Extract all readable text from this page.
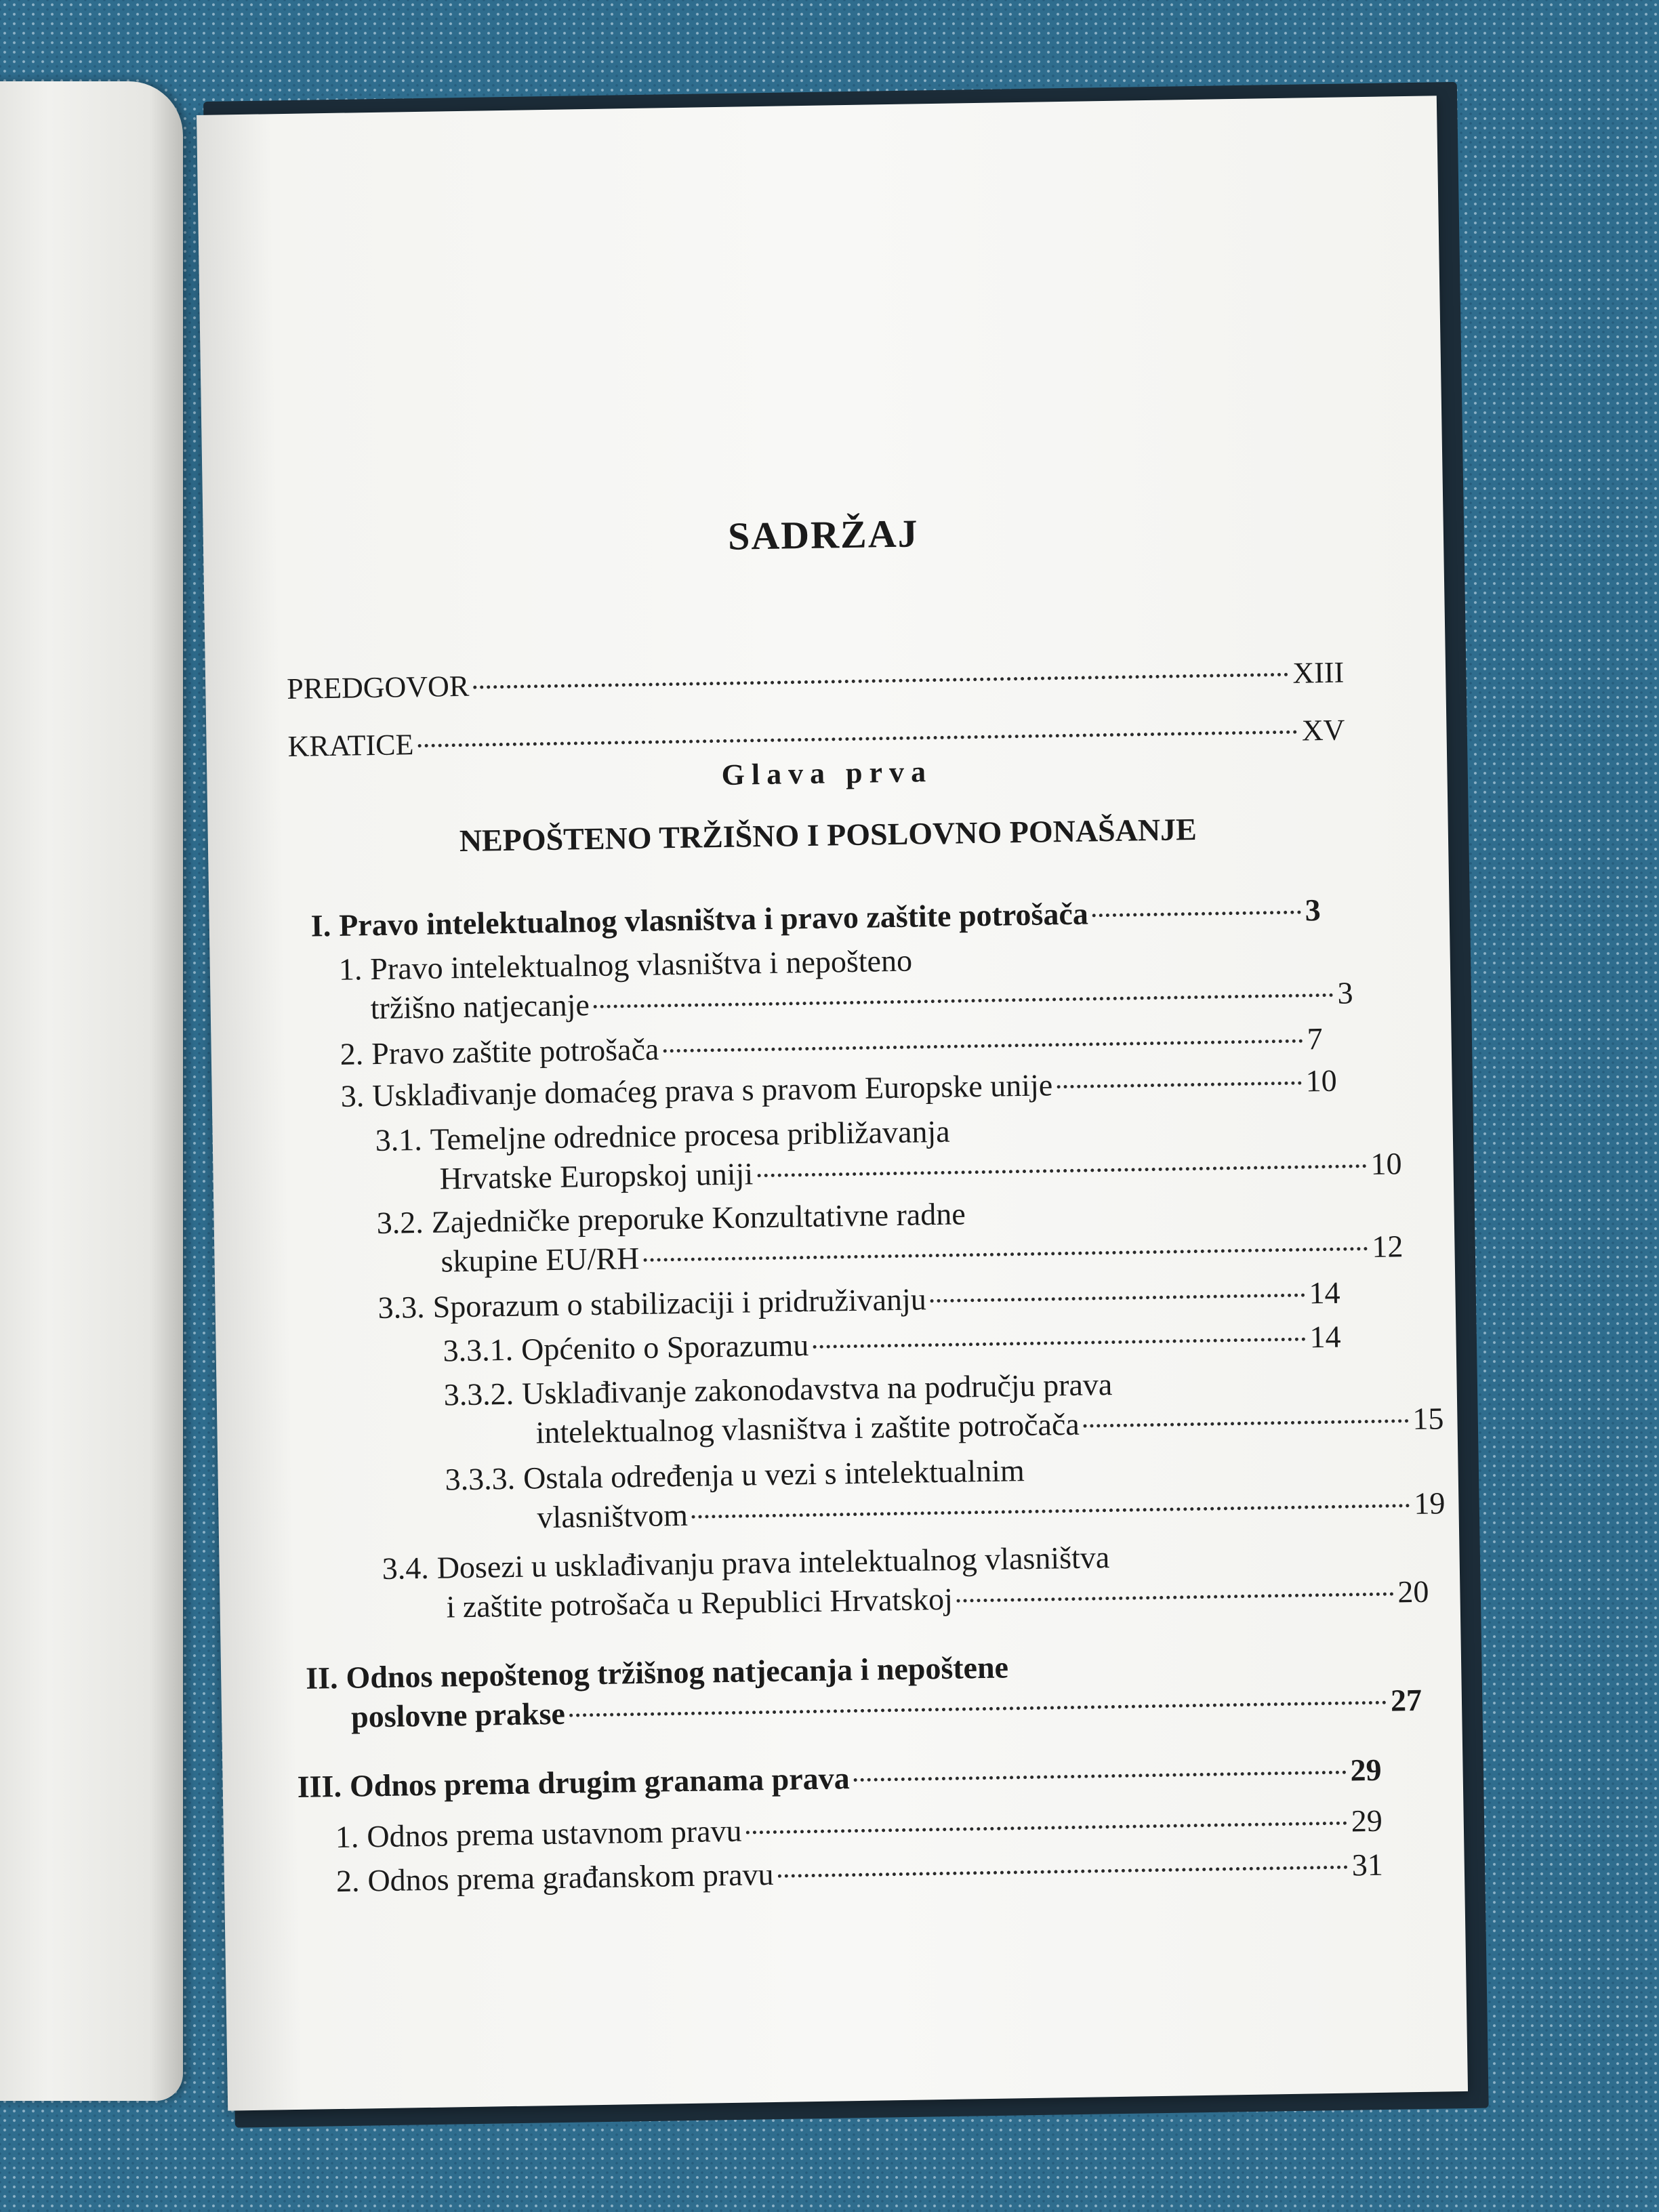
SADRŽAJ
PREDGOVOR	XIII
KRATICE	XV
Glava prva
NEPOŠTENO TRŽIŠNO I POSLOVNO PONAŠANJE
I. Pravo intelektualnog vlasništva i pravo zaštite potrošača	3
1. Pravo intelektualnog vlasništva i nepošteno
tržišno natjecanje	3
2. Pravo zaštite potrošača	7
3. Usklađivanje domaćeg prava s pravom Europske unije	10
3.1. Temeljne odrednice procesa približavanja
Hrvatske Europskoj uniji	10
3.2. Zajedničke preporuke Konzultativne radne
skupine EU/RH	12
3.3. Sporazum o stabilizaciji i pridruživanju	14
3.3.1. Općenito o Sporazumu	14
3.3.2. Usklađivanje zakonodavstva na području prava
intelektualnog vlasništva i zaštite potročača	15
3.3.3. Ostala određenja u vezi s intelektualnim
vlasništvom	19
3.4. Dosezi u usklađivanju prava intelektualnog vlasništva
i zaštite potrošača u Republici Hrvatskoj	20
II. Odnos nepoštenog tržišnog natjecanja i nepoštene
poslovne prakse	27
III. Odnos prema drugim granama prava	29
1. Odnos prema ustavnom pravu	29
2. Odnos prema građanskom pravu	31
